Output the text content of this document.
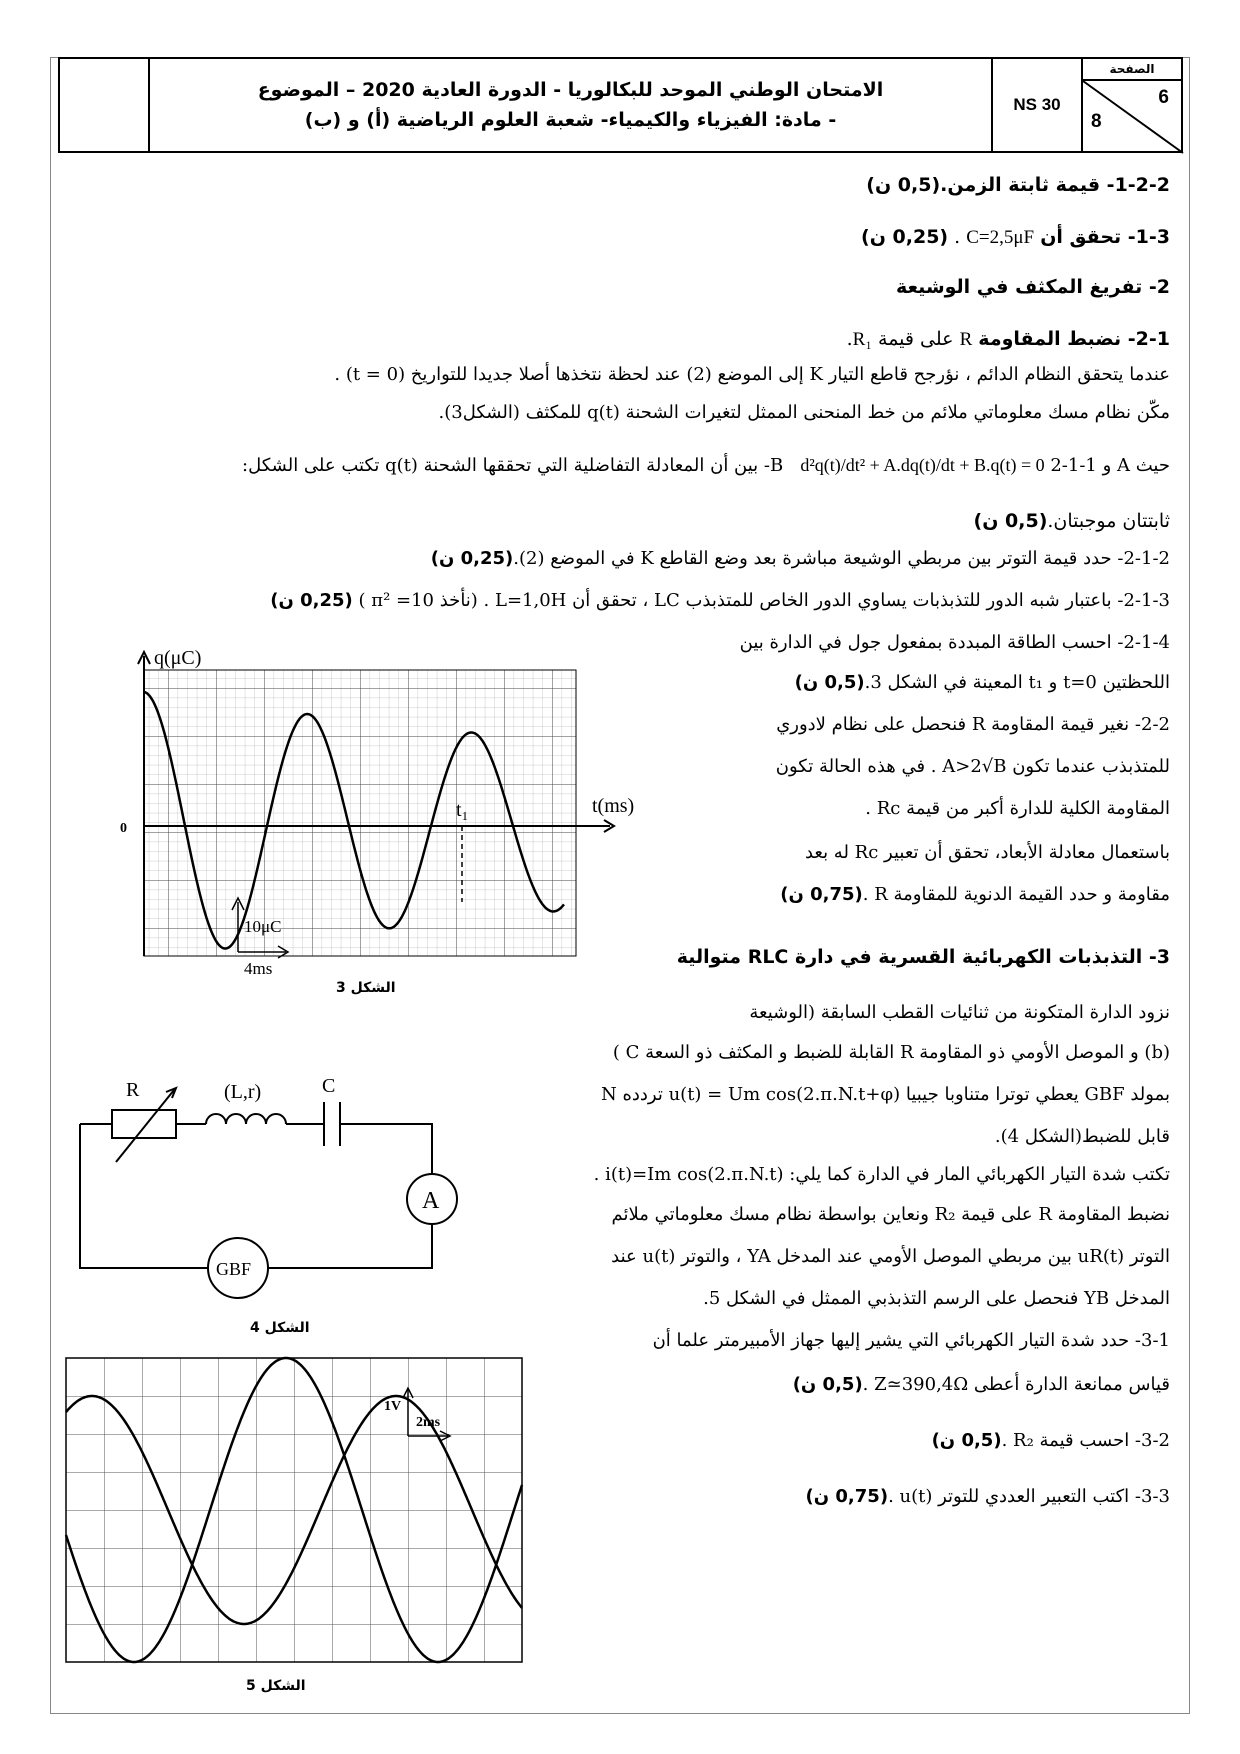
الامتحان الوطني الموحد للبكالوريا - الدورة العادية 2020 – الموضوع
- مادة: الفيزياء والكيمياء- شعبة العلوم الرياضية (أ) و (ب)
NS 30
الصفحة
6
8
1-2-2- قيمة ثابتة الزمن.(0,5 ن)
1-3- تحقق أن C=2,5μF . (0,25 ن)
2- تفريغ المكثف في الوشيعة
2-1- نضبط المقاومة R على قيمة R₁.
عندما يتحقق النظام الدائم ، نؤرجح قاطع التيار K إلى الموضع (2) عند لحظة نتخذها أصلا جديدا للتواريخ (t = 0) .
مكّن نظام مسك معلوماتي ملائم من خط المنحنى الممثل لتغيرات الشحنة q(t) للمكثف (الشكل3).
حيث A و B   d²q(t)/dt² + A.dq(t)/dt + B.q(t) = 0 2-1-1- بين أن المعادلة التفاضلية التي تحققها الشحنة q(t) تكتب على الشكل:
ثابتتان موجبتان.(0,5 ن)
2-1-2- حدد قيمة التوتر بين مربطي الوشيعة مباشرة بعد وضع القاطع K في الموضع (2).(0,25 ن)
2-1-3- باعتبار شبه الدور للتذبذبات يساوي الدور الخاص للمتذبذب LC ، تحقق أن L=1,0H . (نأخذ π² =10 ) (0,25 ن)
2-1-4- احسب الطاقة المبددة بمفعول جول في الدارة بين
اللحظتين t=0 و t₁ المعينة في الشكل 3.(0,5 ن)
2-2- نغير قيمة المقاومة R فنحصل على نظام لادوري
للمتذبذب عندما تكون A>2√B . في هذه الحالة تكون
المقاومة الكلية للدارة أكبر من قيمة Rc .
باستعمال معادلة الأبعاد، تحقق أن تعبير Rc له بعد
مقاومة و حدد القيمة الدنوية للمقاومة R .(0,75 ن)
3- التذبذبات الكهربائية القسرية في دارة RLC متوالية
نزود الدارة المتكونة من ثنائيات القطب السابقة (الوشيعة
(b) و الموصل الأومي ذو المقاومة R القابلة للضبط و المكثف ذو السعة C )
بمولد GBF يعطي توترا متناوبا جيبيا u(t) = Um cos(2.π.N.t+φ) تردده N
قابل للضبط(الشكل 4).
تكتب شدة التيار الكهربائي المار في الدارة كما يلي: i(t)=Im cos(2.π.N.t) .
نضبط المقاومة R على قيمة R₂ ونعاين بواسطة نظام مسك معلوماتي ملائم
التوتر uR(t) بين مربطي الموصل الأومي عند المدخل YA ، والتوتر u(t) عند
المدخل YB فنحصل على الرسم التذبذبي الممثل في الشكل 5.
3-1- حدد شدة التيار الكهربائي التي يشير إليها جهاز الأمبيرمتر علما أن
قياس ممانعة الدارة أعطى Z≃390,4Ω .(0,5 ن)
3-2- احسب قيمة R₂ .(0,5 ن)
3-3- اكتب التعبير العددي للتوتر u(t) .(0,75 ن)
q(μC)
t(ms)
0
t₁
10μC
4ms
الشكل 3
R	(L,r)	C
A
GBF
الشكل 4
1V
2ms
الشكل 5
